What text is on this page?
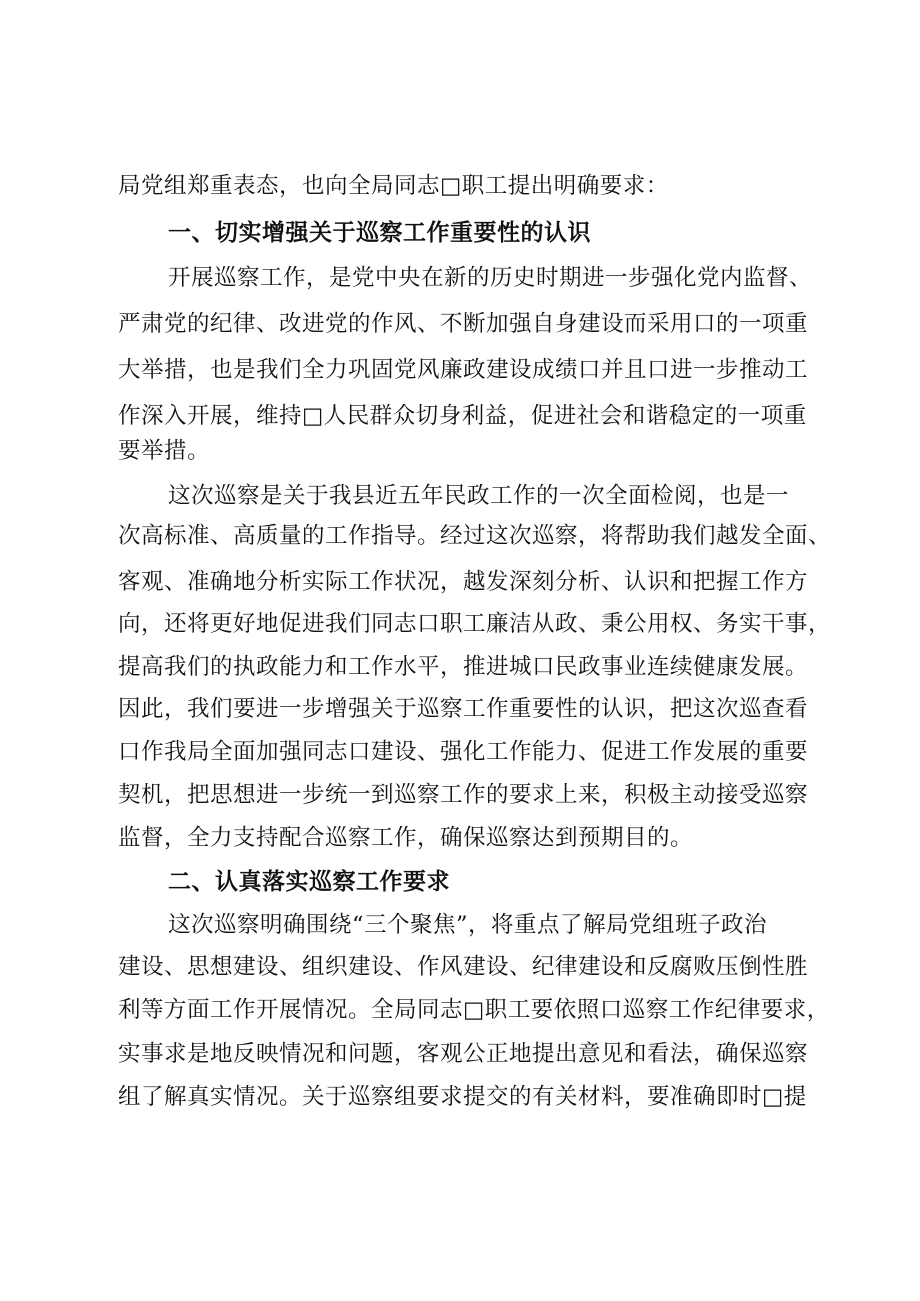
局党组郑重表态，也向全局同志□职工提出明确要求：
一、切实增强关于巡察工作重要性的认识
开展巡察工作，是党中央在新的历史时期进一步强化党内监督、
严肃党的纪律、改进党的作风、不断加强自身建设而采用口的一项重
大举措，也是我们全力巩固党风廉政建设成绩口并且口进一步推动工
作深入开展，维持□人民群众切身利益，促进社会和谐稳定的一项重
要举措。
这次巡察是关于我县近五年民政工作的一次全面检阅，也是一
次高标准、高质量的工作指导。经过这次巡察，将帮助我们越发全面、
客观、准确地分析实际工作状况，越发深刻分析、认识和把握工作方
向，还将更好地促进我们同志口职工廉洁从政、秉公用权、务实干事，
提高我们的执政能力和工作水平，推进城口民政事业连续健康发展。
因此，我们要进一步增强关于巡察工作重要性的认识，把这次巡查看
口作我局全面加强同志口建设、强化工作能力、促进工作发展的重要
契机，把思想进一步统一到巡察工作的要求上来，积极主动接受巡察
监督，全力支持配合巡察工作，确保巡察达到预期目的。
二、认真落实巡察工作要求
这次巡察明确围绕“三个聚焦”，将重点了解局党组班子政治
建设、思想建设、组织建设、作风建设、纪律建设和反腐败压倒性胜
利等方面工作开展情况。全局同志□职工要依照口巡察工作纪律要求，
实事求是地反映情况和问题，客观公正地提出意见和看法，确保巡察
组了解真实情况。关于巡察组要求提交的有关材料，要准确即时□提
